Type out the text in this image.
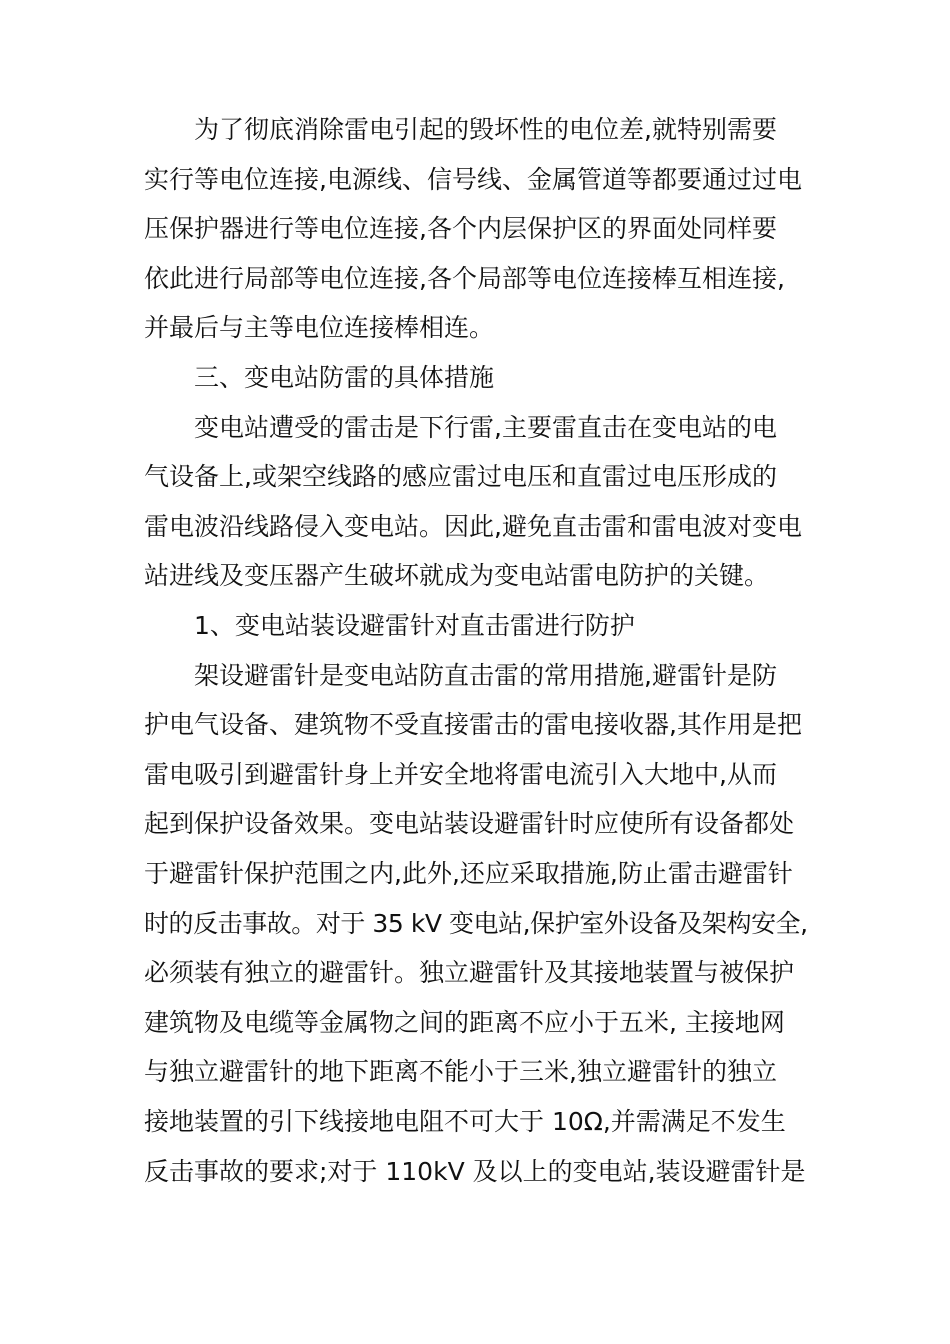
为了彻底消除雷电引起的毁坏性的电位差,就特别需要
实行等电位连接,电源线、信号线、金属管道等都要通过过电
压保护器进行等电位连接,各个内层保护区的界面处同样要
依此进行局部等电位连接,各个局部等电位连接棒互相连接,
并最后与主等电位连接棒相连。
三、变电站防雷的具体措施
变电站遭受的雷击是下行雷,主要雷直击在变电站的电
气设备上,或架空线路的感应雷过电压和直雷过电压形成的
雷电波沿线路侵入变电站。因此,避免直击雷和雷电波对变电
站进线及变压器产生破坏就成为变电站雷电防护的关键。
1、变电站装设避雷针对直击雷进行防护
架设避雷针是变电站防直击雷的常用措施,避雷针是防
护电气设备、建筑物不受直接雷击的雷电接收器,其作用是把
雷电吸引到避雷针身上并安全地将雷电流引入大地中,从而
起到保护设备效果。变电站装设避雷针时应使所有设备都处
于避雷针保护范围之内,此外,还应采取措施,防止雷击避雷针
时的反击事故。对于 35 kV 变电站,保护室外设备及架构安全,
必须装有独立的避雷针。独立避雷针及其接地装置与被保护
建筑物及电缆等金属物之间的距离不应小于五米, 主接地网
与独立避雷针的地下距离不能小于三米,独立避雷针的独立
接地装置的引下线接地电阻不可大于 10Ω,并需满足不发生
反击事故的要求;对于 110kV 及以上的变电站,装设避雷针是
